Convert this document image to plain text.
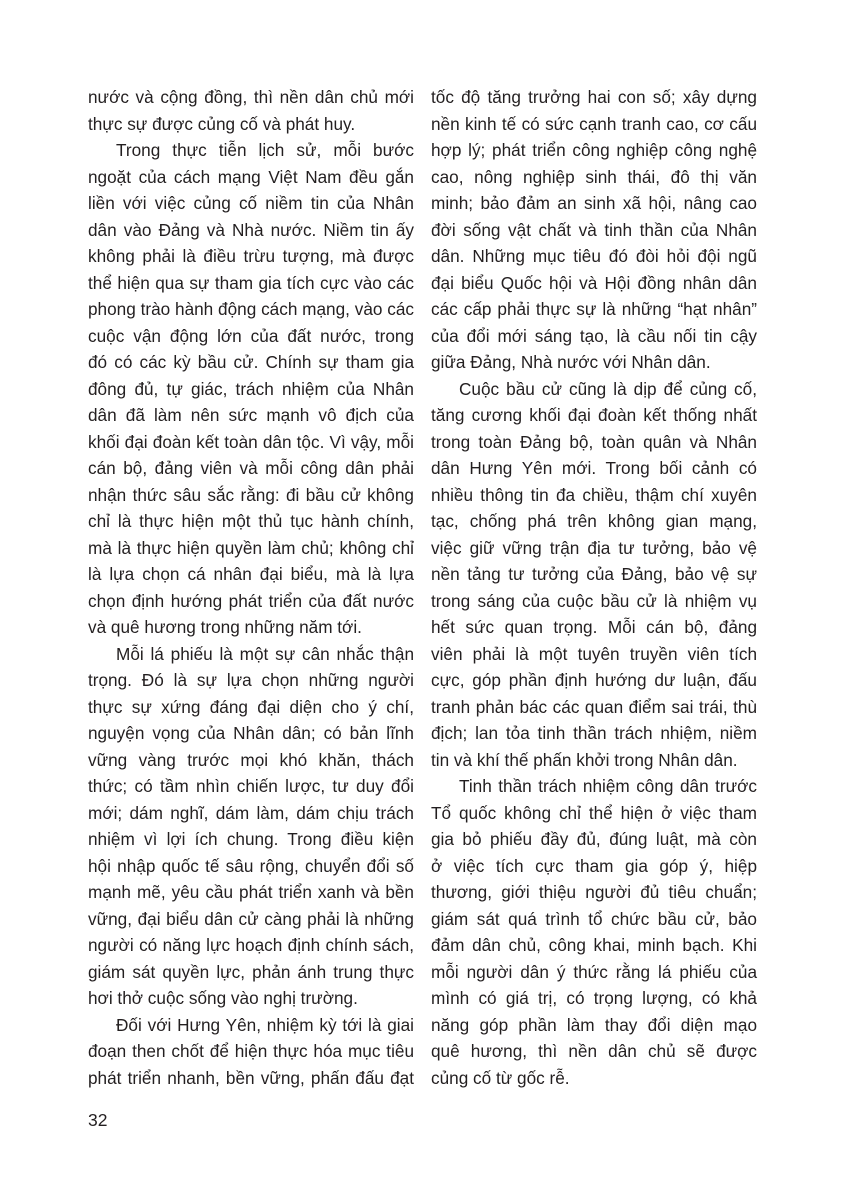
nước và cộng đồng, thì nền dân chủ mới
thực sự được củng cố và phát huy.
Trong thực tiễn lịch sử, mỗi bước
ngoặt của cách mạng Việt Nam đều gắn
liền với việc củng cố niềm tin của Nhân
dân vào Đảng và Nhà nước. Niềm tin ấy
không phải là điều trừu tượng, mà được
thể hiện qua sự tham gia tích cực vào các
phong trào hành động cách mạng, vào các
cuộc vận động lớn của đất nước, trong
đó có các kỳ bầu cử. Chính sự tham gia
đông đủ, tự giác, trách nhiệm của Nhân
dân đã làm nên sức mạnh vô địch của
khối đại đoàn kết toàn dân tộc. Vì vậy, mỗi
cán bộ, đảng viên và mỗi công dân phải
nhận thức sâu sắc rằng: đi bầu cử không
chỉ là thực hiện một thủ tục hành chính,
mà là thực hiện quyền làm chủ; không chỉ
là lựa chọn cá nhân đại biểu, mà là lựa
chọn định hướng phát triển của đất nước
và quê hương trong những năm tới.
Mỗi lá phiếu là một sự cân nhắc thận
trọng. Đó là sự lựa chọn những người
thực sự xứng đáng đại diện cho ý chí,
nguyện vọng của Nhân dân; có bản lĩnh
vững vàng trước mọi khó khăn, thách
thức; có tầm nhìn chiến lược, tư duy đổi
mới; dám nghĩ, dám làm, dám chịu trách
nhiệm vì lợi ích chung. Trong điều kiện
hội nhập quốc tế sâu rộng, chuyển đổi số
mạnh mẽ, yêu cầu phát triển xanh và bền
vững, đại biểu dân cử càng phải là những
người có năng lực hoạch định chính sách,
giám sát quyền lực, phản ánh trung thực
hơi thở cuộc sống vào nghị trường.
Đối với Hưng Yên, nhiệm kỳ tới là giai
đoạn then chốt để hiện thực hóa mục tiêu
phát triển nhanh, bền vững, phấn đấu đạt
tốc độ tăng trưởng hai con số; xây dựng
nền kinh tế có sức cạnh tranh cao, cơ cấu
hợp lý; phát triển công nghiệp công nghệ
cao, nông nghiệp sinh thái, đô thị văn
minh; bảo đảm an sinh xã hội, nâng cao
đời sống vật chất và tinh thần của Nhân
dân. Những mục tiêu đó đòi hỏi đội ngũ
đại biểu Quốc hội và Hội đồng nhân dân
các cấp phải thực sự là những “hạt nhân”
của đổi mới sáng tạo, là cầu nối tin cậy
giữa Đảng, Nhà nước với Nhân dân.
Cuộc bầu cử cũng là dịp để củng cố,
tăng cương khối đại đoàn kết thống nhất
trong toàn Đảng bộ, toàn quân và Nhân
dân Hưng Yên mới. Trong bối cảnh có
nhiều thông tin đa chiều, thậm chí xuyên
tạc, chống phá trên không gian mạng,
việc giữ vững trận địa tư tưởng, bảo vệ
nền tảng tư tưởng của Đảng, bảo vệ sự
trong sáng của cuộc bầu cử là nhiệm vụ
hết sức quan trọng. Mỗi cán bộ, đảng
viên phải là một tuyên truyền viên tích
cực, góp phần định hướng dư luận, đấu
tranh phản bác các quan điểm sai trái, thù
địch; lan tỏa tinh thần trách nhiệm, niềm
tin và khí thế phấn khởi trong Nhân dân.
Tinh thần trách nhiệm công dân trước
Tổ quốc không chỉ thể hiện ở việc tham
gia bỏ phiếu đầy đủ, đúng luật, mà còn
ở việc tích cực tham gia góp ý, hiệp
thương, giới thiệu người đủ tiêu chuẩn;
giám sát quá trình tổ chức bầu cử, bảo
đảm dân chủ, công khai, minh bạch. Khi
mỗi người dân ý thức rằng lá phiếu của
mình có giá trị, có trọng lượng, có khả
năng góp phần làm thay đổi diện mạo
quê hương, thì nền dân chủ sẽ được
củng cố từ gốc rễ.
32
